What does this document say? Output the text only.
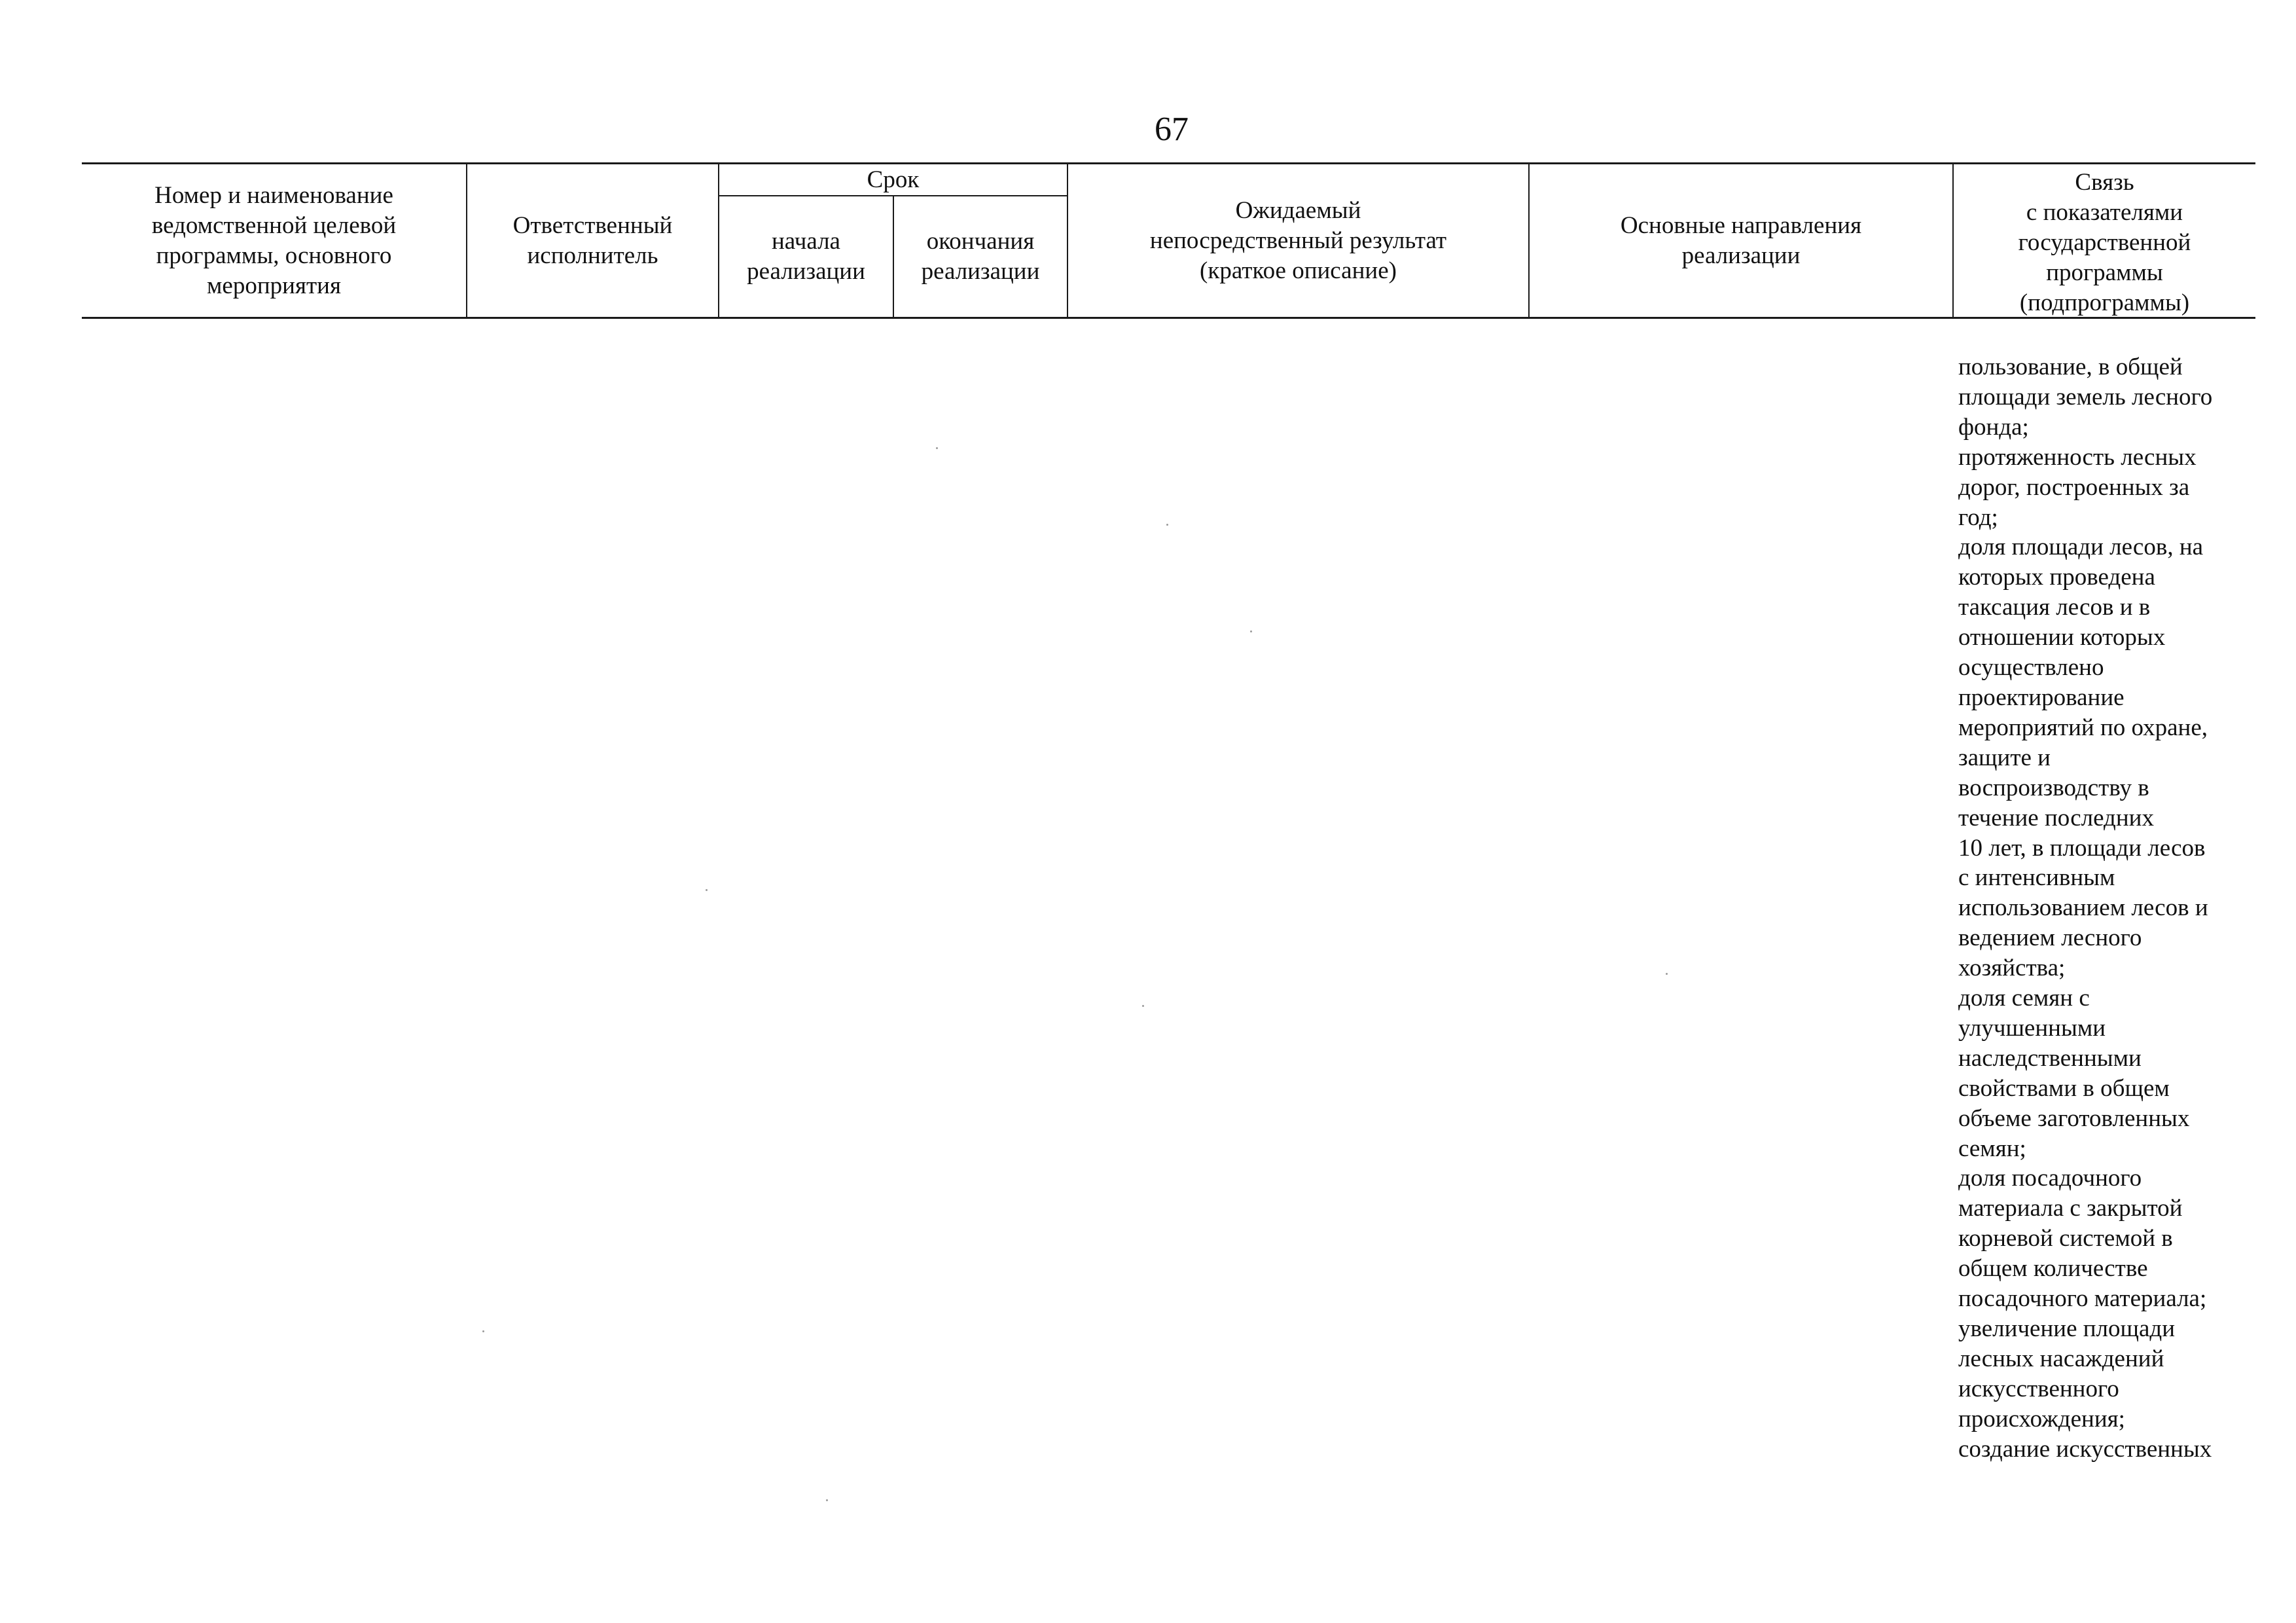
67
Номер и наименование
ведомственной целевой
программы, основного
мероприятия
Ответственный
исполнитель
Срок
начала
реализации
окончания
реализации
Ожидаемый
непосредственный результат
(краткое описание)
Основные направления
реализации
Связь
с показателями
государственной
программы
(подпрограммы)
пользование, в общей
площади земель лесного
фонда;
протяженность лесных
дорог, построенных за
год;
доля площади лесов, на
которых проведена
таксация лесов и в
отношении которых
осуществлено
проектирование
мероприятий по охране,
защите и
воспроизводству в
течение последних
10 лет, в площади лесов
с интенсивным
использованием лесов и
ведением лесного
хозяйства;
доля семян с
улучшенными
наследственными
свойствами в общем
объеме заготовленных
семян;
доля посадочного
материала с закрытой
корневой системой в
общем количестве
посадочного материала;
увеличение площади
лесных насаждений
искусственного
происхождения;
создание искусственных
